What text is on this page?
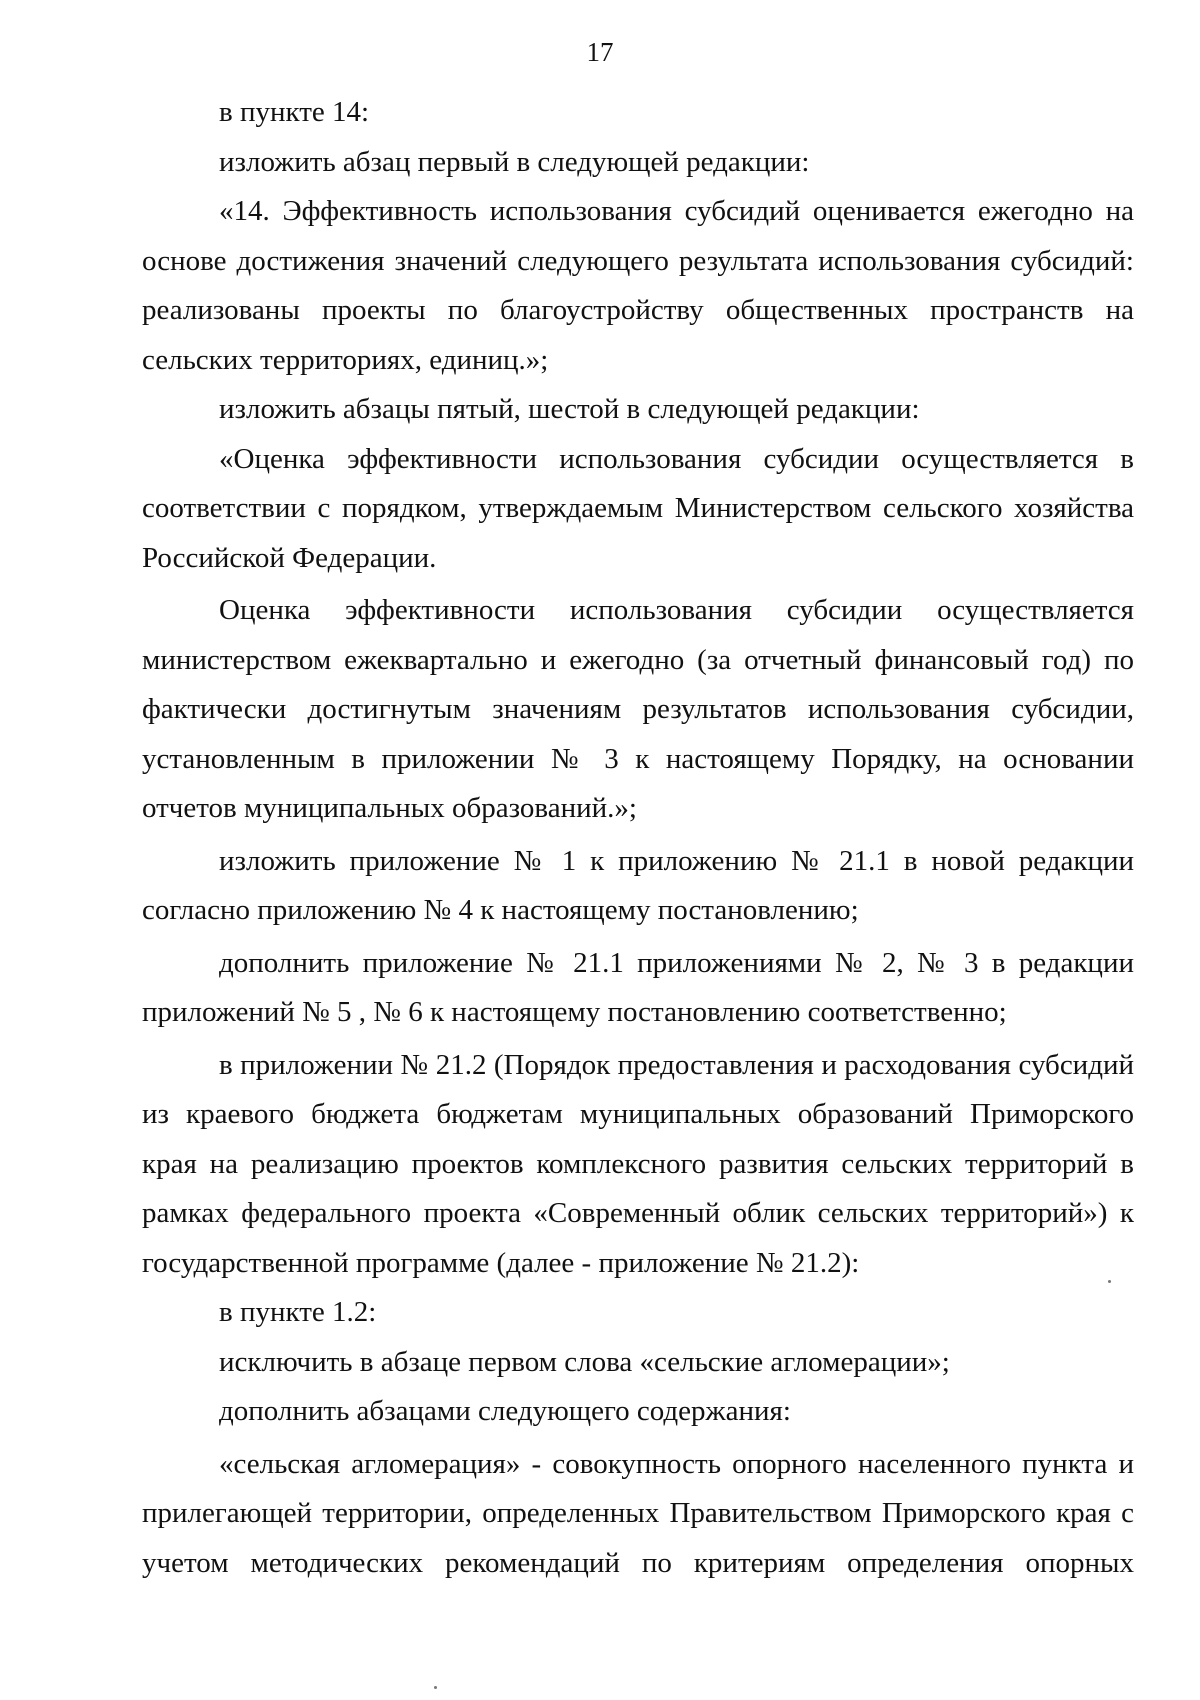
17

в пункте 14:

изложить абзац первый в следующей редакции:

«14. Эффективность использования субсидий оценивается ежегодно на основе достижения значений следующего результата использования субсидий: реализованы проекты по благоустройству общественных пространств на сельских территориях, единиц.»;

изложить абзацы пятый, шестой в следующей редакции:

«Оценка эффективности использования субсидии осуществляется в соответствии с порядком, утверждаемым Министерством сельского хозяйства Российской Федерации.

Оценка эффективности использования субсидии осуществляется министерством ежеквартально и ежегодно (за отчетный финансовый год) по фактически достигнутым значениям результатов использования субсидии, установленным в приложении № 3 к настоящему Порядку, на основании отчетов муниципальных образований.»;

изложить приложение № 1 к приложению № 21.1 в новой редакции согласно приложению № 4 к настоящему постановлению;

дополнить приложение № 21.1 приложениями № 2, № 3 в редакции приложений № 5 , № 6 к настоящему постановлению соответственно;

в приложении № 21.2 (Порядок предоставления и расходования субсидий из краевого бюджета бюджетам муниципальных образований Приморского края на реализацию проектов комплексного развития сельских территорий в рамках федерального проекта «Современный облик сельских территорий») к государственной программе (далее - приложение № 21.2):

в пункте 1.2:

исключить в абзаце первом слова «сельские агломерации»;

дополнить абзацами следующего содержания:

«сельская агломерация» - совокупность опорного населенного пункта и прилегающей территории, определенных Правительством Приморского края с учетом методических рекомендаций по критериям определения опорных
